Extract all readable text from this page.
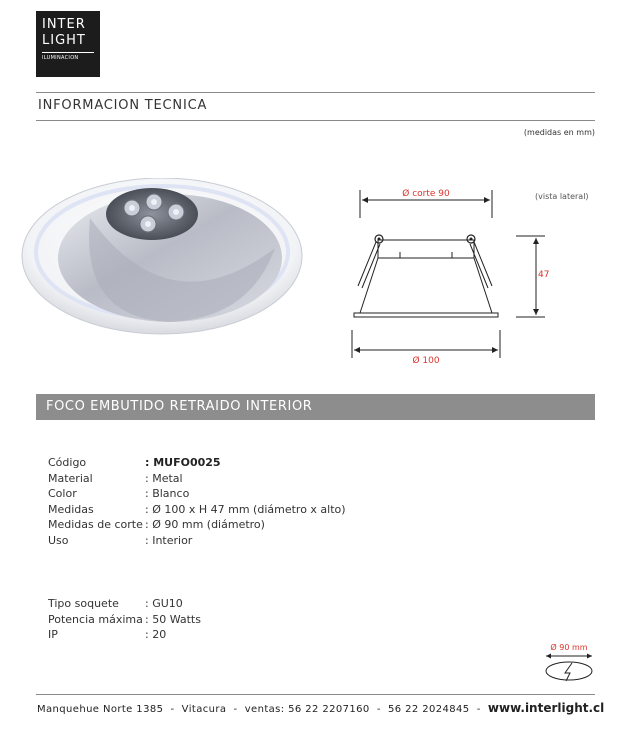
INTER
LIGHT
ILUMINACION
INFORMACION TECNICA
(medidas en mm)
Ø corte 90
47
Ø 100
(vista lateral)
FOCO EMBUTIDO RETRAIDO INTERIOR
Código	: MUFO0025
Material	: Metal
Color	: Blanco
Medidas	: Ø 100 x H 47 mm (diámetro x alto)
Medidas de corte : Ø 90 mm (diámetro)
Uso	: Interior
Tipo soquete : GU10
Potencia máxima : 50 Watts
IP	: 20
Ø 90 mm
Manquehue Norte 1385  -  Vitacura  -  ventas: 56 22 2207160  -  56 22 2024845  -  www.interlight.cl
